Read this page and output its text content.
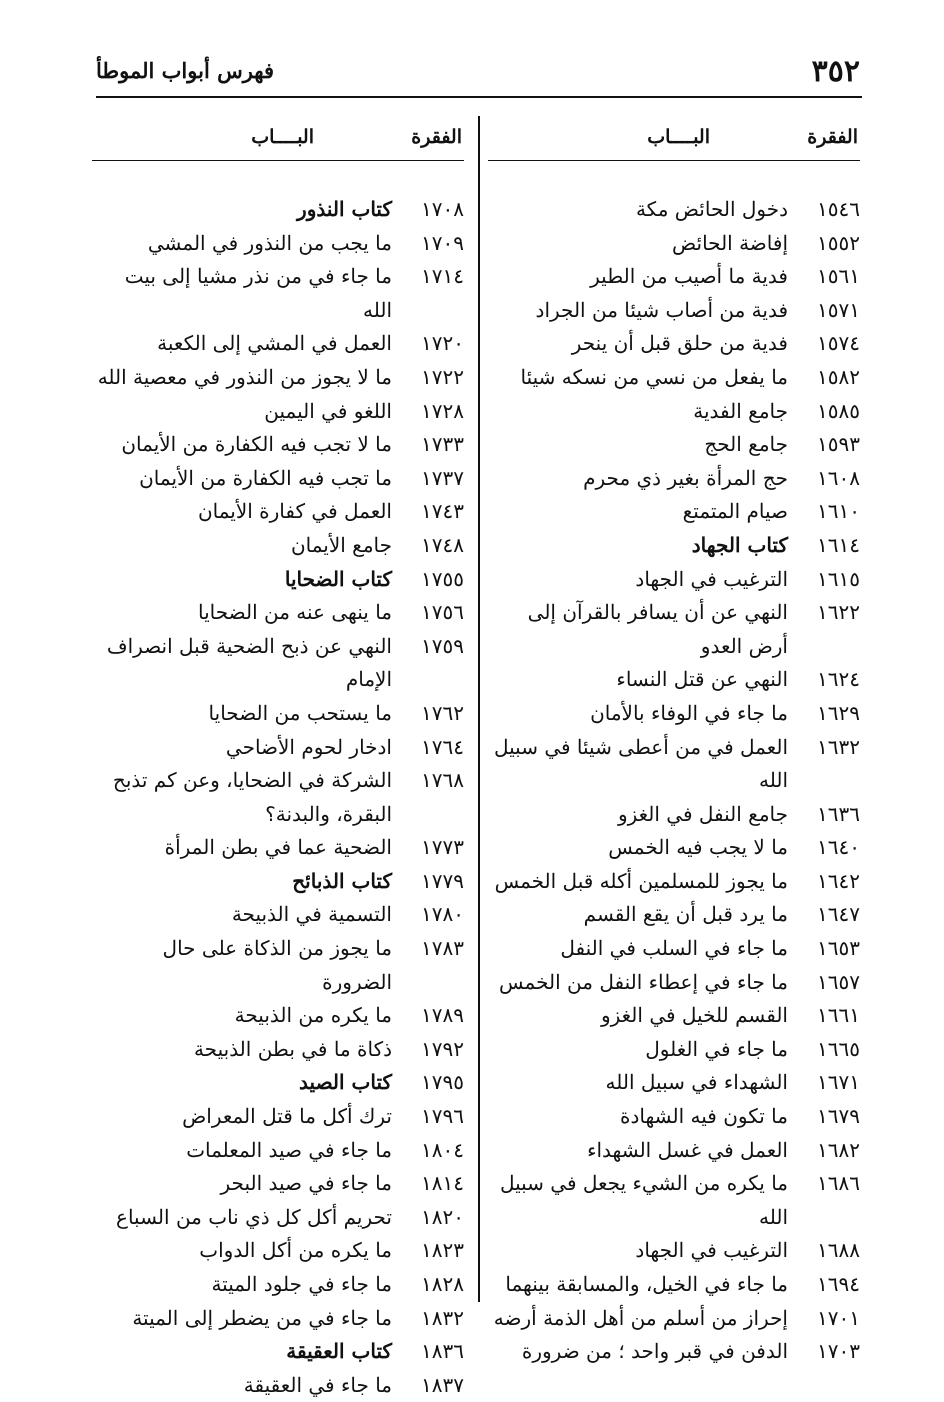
٣٥٢
فهرس أبواب الموطأ
الفقرة
البــــاب
١٥٤٦
دخول الحائض مكة
١٥٥٢
إفاضة الحائض
١٥٦١
فدية ما أصيب من الطير
١٥٧١
فدية من أصاب شيئا من الجراد
١٥٧٤
فدية من حلق قبل أن ينحر
١٥٨٢
ما يفعل من نسي من نسكه شيئا
١٥٨٥
جامع الفدية
١٥٩٣
جامع الحج
١٦٠٨
حج المرأة بغير ذي محرم
١٦١٠
صيام المتمتع
١٦١٤
كتاب الجهاد
١٦١٥
الترغيب في الجهاد
١٦٢٢
النهي عن أن يسافر بالقرآن إلى أرض العدو
١٦٢٤
النهي عن قتل النساء
١٦٢٩
ما جاء في الوفاء بالأمان
١٦٣٢
العمل في من أعطى شيئا في سبيل الله
١٦٣٦
جامع النفل في الغزو
١٦٤٠
ما لا يجب فيه الخمس
١٦٤٢
ما يجوز للمسلمين أكله قبل الخمس
١٦٤٧
ما يرد قبل أن يقع القسم
١٦٥٣
ما جاء في السلب في النفل
١٦٥٧
ما جاء في إعطاء النفل من الخمس
١٦٦١
القسم للخيل في الغزو
١٦٦٥
ما جاء في الغلول
١٦٧١
الشهداء في سبيل الله
١٦٧٩
ما تكون فيه الشهادة
١٦٨٢
العمل في غسل الشهداء
١٦٨٦
ما يكره من الشيء يجعل في سبيل الله
١٦٨٨
الترغيب في الجهاد
١٦٩٤
ما جاء في الخيل، والمسابقة بينهما
١٧٠١
إحراز من أسلم من أهل الذمة أرضه
١٧٠٣
الدفن في قبر واحد ؛ من ضرورة
الفقرة
البــــاب
١٧٠٨
كتاب النذور
١٧٠٩
ما يجب من النذور في المشي
١٧١٤
ما جاء في من نذر مشيا إلى بيت الله
١٧٢٠
العمل في المشي إلى الكعبة
١٧٢٢
ما لا يجوز من النذور في معصية الله
١٧٢٨
اللغو في اليمين
١٧٣٣
ما لا تجب فيه الكفارة من الأيمان
١٧٣٧
ما تجب فيه الكفارة من الأيمان
١٧٤٣
العمل في كفارة الأيمان
١٧٤٨
جامع الأيمان
١٧٥٥
كتاب الضحايا
١٧٥٦
ما ينهى عنه من الضحايا
١٧٥٩
النهي عن ذبح الضحية قبل انصراف الإمام
١٧٦٢
ما يستحب من الضحايا
١٧٦٤
ادخار لحوم الأضاحي
١٧٦٨
الشركة في الضحايا، وعن كم تذبح البقرة، والبدنة؟
١٧٧٣
الضحية عما في بطن المرأة
١٧٧٩
كتاب الذبائح
١٧٨٠
التسمية في الذبيحة
١٧٨٣
ما يجوز من الذكاة على حال الضرورة
١٧٨٩
ما يكره من الذبيحة
١٧٩٢
ذكاة ما في بطن الذبيحة
١٧٩٥
كتاب الصيد
١٧٩٦
ترك أكل ما قتل المعراض
١٨٠٤
ما جاء في صيد المعلمات
١٨١٤
ما جاء في صيد البحر
١٨٢٠
تحريم أكل كل ذي ناب من السباع
١٨٢٣
ما يكره من أكل الدواب
١٨٢٨
ما جاء في جلود الميتة
١٨٣٢
ما جاء في من يضطر إلى الميتة
١٨٣٦
كتاب العقيقة
١٨٣٧
ما جاء في العقيقة
